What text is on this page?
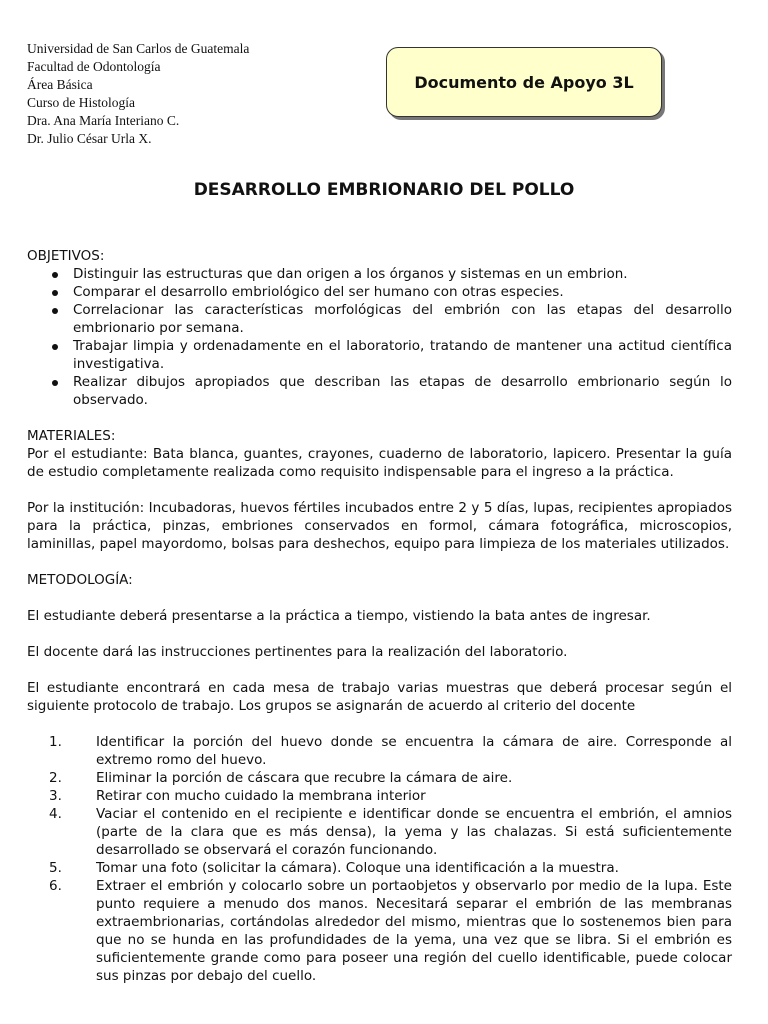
Universidad de San Carlos de Guatemala
Facultad de Odontología
Área Básica
Curso de Histología
Dra. Ana María Interiano C.
Dr. Julio César Urla X.
Documento de Apoyo 3L
DESARROLLO EMBRIONARIO DEL POLLO
OBJETIVOS:
Distinguir las estructuras que dan origen a los órganos y sistemas en un embrion.
Comparar el desarrollo embriológico del ser humano con otras especies.
Correlacionar las características morfológicas del embrión con las etapas del desarrollo embrionario por semana.
Trabajar limpia y ordenadamente en el laboratorio, tratando de mantener una actitud científica investigativa.
Realizar dibujos apropiados que describan las etapas de desarrollo embrionario según lo observado.
MATERIALES:

Por el estudiante: Bata blanca, guantes, crayones, cuaderno de laboratorio, lapicero. Presentar la guía de estudio completamente realizada como requisito indispensable para el ingreso a la práctica.

Por la institución: Incubadoras, huevos fértiles incubados entre 2 y 5 días, lupas, recipientes apropiados para la práctica, pinzas, embriones conservados en formol, cámara fotográfica, microscopios, laminillas, papel mayordomo, bolsas para deshechos, equipo para limpieza de los materiales utilizados.

METODOLOGÍA:

El estudiante deberá presentarse a la práctica a tiempo, vistiendo la bata antes de ingresar.

El docente dará las instrucciones pertinentes para la realización del laboratorio.

El estudiante encontrará en cada mesa de trabajo varias muestras que deberá procesar según el siguiente protocolo de trabajo. Los grupos se asignarán de acuerdo al criterio del docente

1.	Identificar la porción del huevo donde se encuentra la cámara de aire. Corresponde al extremo romo del huevo.
2.	Eliminar la porción de cáscara que recubre la cámara de aire.
3.	Retirar con mucho cuidado la membrana interior
4.	Vaciar el contenido en el recipiente e identificar donde se encuentra el embrión, el amnios (parte de la clara que es más densa), la yema y las chalazas. Si está suficientemente desarrollado se observará el corazón funcionando.
5.	Tomar una foto (solicitar la cámara). Coloque una identificación a la muestra.
6.	Extraer el embrión y colocarlo sobre un portaobjetos y observarlo por medio de la lupa. Este punto requiere a menudo dos manos. Necesitará separar el embrión de las membranas extraembrionarias, cortándolas alrededor del mismo, mientras que lo sostenemos bien para que no se hunda en las profundidades de la yema, una vez que se libra. Si el embrión es suficientemente grande como para poseer una región del cuello identificable, puede colocar sus pinzas por debajo del cuello.
